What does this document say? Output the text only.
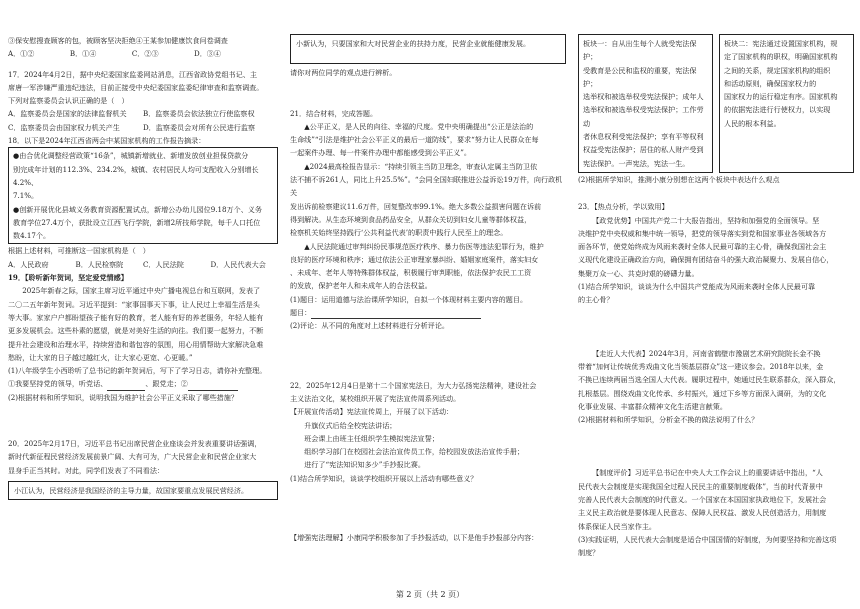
③保安慰搜查顾客的包，被顾客坚决拒绝④王某参加健康饮食问卷调查

A．①②　　　　　B．①④　　　　　C．②③　　　　　D．③④

17．2024年4月2日，据中央纪委国家监委网站消息，江西省政协党组书记、主

席唐一军涉嫌严重违纪违法，目前正接受中央纪委国家监委纪律审查和监察调查。

下列对监察委员会认识正确的是（　）

A．监察委员会是国家的法律监督机关	B．监察委员会依法独立行使监察权
C．监察委员会由国家权力机关产生	D．监察委员会对所有公民进行监察

18．以下是2024年江西省两会中某国家机构的工作报告摘录：

●由合优化调整经营政策“16条”，城镇新增就业、新增发放创业担保贷款分

别完成年计划的112.3%、234.2%，城镇、农村居民人均可支配收入分别增长4.2%、

7.1%。

●创新开展优化县域义务教育资源配置试点，新增公办幼儿园位9.18万个、义务

教育学位27.4万个，获批设立江西飞行学院，新增2所技师学院，每千人口托位

数4.17个。

根据上述材料，可推断这一国家机构是（　）

A．人民政府	B．人民检察院	C．人民法院	D．人民代表大会

19．【聆听新年贺词，坚定爱党情感】

2025年新春之际，国家主席习近平通过中央广播电视总台和互联网，发表了

二〇二五年新年贺词。习近平提到：“家事国事天下事，让人民过上幸福生活是头

等大事。家家户户都盼望孩子能有好的教育，老人能有好的养老服务，年轻人能有

更多发展机会。这些朴素的愿望，就是对美好生活的向往。我们要一起努力，不断

提升社会建设和治理水平，持续营造和谐包容的氛围，用心用情帮助大家解决急难

愁盼，让大家的日子越过越红火，让大家心更宽、心更暖。”

(1)八年级学生小西聆听了总书记的新年贺词后，写下了学习日志，请你补充整理。

①我要坚持党的领导，听党话、	、跟党走；②

(2)根据材料和所学知识，说明我国为维护社会公平正义采取了哪些措施？

20．2025年2月17日，习近平总书记出席民营企业座谈会并发表重要讲话强调，

新时代新征程民营经济发展前景广阔、大有可为，广大民营企业和民营企业家大

显身手正当其时。对此，同学们发表了不同看法：

小江认为，民营经济是我国经济的主导力量，故国家要重点发展民营经济。

小新认为，只要国家和大对民营企业的扶持力度，民营企业就能健康发展。

请你对两位同学的观点进行辨析。

21．结合材料，完成答题。

▲公平正义，是人民的向往、幸福的尺度。党中央明确提出“公正是法治的

生命线”“引法是维护社会公平正义的最后一道防线”，要求“努力让人民群众在每

一起案件办理、每一件案件办理中都能感受到公平正义”。

▲2024最高检报告显示：“持续引领主当防卫理念，审查认定属主当防卫依

法不捕不诉261人，同比上升25.5%”。“会同全国妇联推进公益诉讼19万件，向行政机关

发出诉前检察建议11.6万件，回复整改率99.1%。绝大多数公益损害问题在诉前

得到解决。从生态环境到食品药品安全，从群众关切到妇女儿童等群体权益，

检察机关始终坚持践行‘公共利益代表’的职责中践行人民至上的理念。

▲人民法院通过审判纠纷民事规范医疗秩序、暴力伤医等违法犯罪行为，维护

良好的医疗环境和秩序；通过依法公正审理家暴纠纷、婚姻家庭案件，落实妇女

、未成年、老年人等特殊群体权益，积极履行审判职能，依法保护农民工工资

的发放，保护老年人和未成年人的合法权益。

(1)题目：运用道德与法治课所学知识，自拟一个体现材料主要内容的题目。

题目：

(2)评论：从不同的角度对上述材料进行分析评论。

22．2025年12月4日是第十二个国家宪法日，为大力弘扬宪法精神，建设社会

主义法治文化，某校组织开展了宪法宣传周系列活动。

【开展宣传活动】宪法宣传周上，开展了以下活动：

升旗仪式后给全校宪法讲话；

班会课上由班主任组织学生模拟宪法宣誓；

组织学习部门在校园社会法治宣传员工作，给校园发放法治宣传手册；

进行了“宪法知识知多少”手抄报比赛。

(1)结合所学知识，谈谈学校组织开展以上活动有哪些意义？

【增强宪法理解】小康同学积极参加了手抄报活动，以下是他手抄报部分内容：

板块一：自从出生每个人就受宪法保护；

受教育是公民和监权的重要，宪法保护；

选举权和被选举权受宪法保护；成年人

选举权和被选举权受宪法保护；工作劳动

者休息权利受宪法保护；享有平等权利

权益受宪法保护；居住的私人财产受到

宪法保护。一声宪法，宪法一生。

板块二：宪法通过设置国家机构，规

定了国家机构的职权，明确国家机构

之间的关系，规定国家机构的组织

和活动原则，确保国家权力的

国家权力的运行稳定有序。国家机构

的依据宪法进行行使权力，以实现

人民的根本利益。

(2)根据所学知识，推测小康分别想在这两个板块中表达什么观点

23．【热点分析，学以致用】

【政党优势】中国共产党二十大报告指出，坚持和加强党的全面领导。坚

决维护党中央权威和集中统一领导，把党的领导落实到党和国家事业各领域各方

面各环节，使党始终成为风雨来袭时全体人民最可靠的主心骨，确保我国社会主

义现代化建设正确政治方向，确保拥有团结奋斗的强大政治凝聚力、发展自信心，

集聚万众一心、共克时艰的磅礴力量。

(1)结合所学知识，谈谈为什么中国共产党能成为风雨来袭时全体人民最可靠

的主心骨？

【走近人大代表】2024年3月，河南省鹤壁市豫剧艺术研究院院长金不换

带着“加何让传统优秀戏曲文化当领基层群众”这一建议参会。2018年以来，金

不换已连续两届当选全国人大代表。履职过程中，她通过民生联系群众，深入群众，

扎根基层。围绕戏曲文化传承、乡村振兴，通过下乡等方面深入调研，为的文化

化事业发展、丰富群众精神文化生活建言献策。

(2)根据材料和所学知识，分析金不换的做法说明了什么？

【制度评价】习近平总书记在中央人大工作会议上的重要讲话中指出，“人

民代表大会制度是实现我国全过程人民民主的重要制度载体”，当前时代背景中

完善人民代表大会制度的时代意义。一个国家在本国国家执政地位下，发展社会

主义民主政治就是要体现人民意志、保障人民权益、激发人民创造活力，用制度

体系保证人民当家作主。

(3)实践证明，人民代表大会制度是适合中国国情的好制度，为何要坚持和完善这项

制度？

第 2 页（共 2 页）
